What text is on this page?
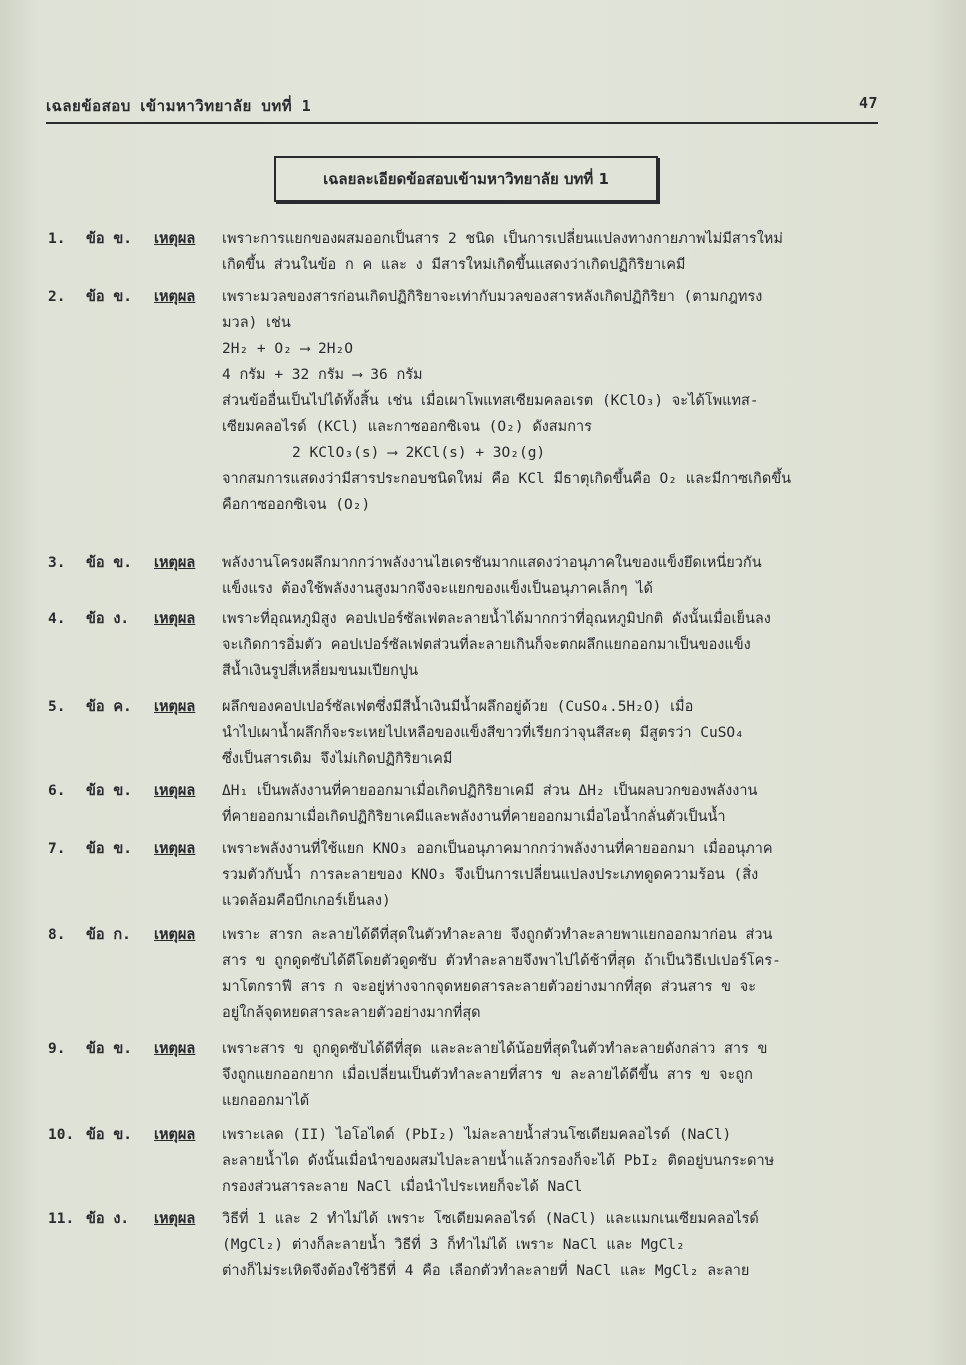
เฉลยข้อสอบ เข้ามหาวิทยาลัย บทที่ 1	47
เฉลยละเอียดข้อสอบเข้ามหาวิทยาลัย บทที่ 1
1.	ข้อ ข.	เหตุผล	เพราะการแยกของผสมออกเป็นสาร 2 ชนิด เป็นการเปลี่ยนแปลงทางกายภาพไม่มีสารใหม่
เกิดขึ้น ส่วนในข้อ ก ค และ ง มีสารใหม่เกิดขึ้นแสดงว่าเกิดปฏิกิริยาเคมี
2.	ข้อ ข.	เหตุผล	เพราะมวลของสารก่อนเกิดปฏิกิริยาจะเท่ากับมวลของสารหลังเกิดปฏิกิริยา (ตามกฎทรง
มวล) เช่น
2H₂ + O₂ ⟶ 2H₂O
4 กรัม + 32 กรัม ⟶ 36 กรัม
ส่วนข้ออื่นเป็นไปได้ทั้งสิ้น เช่น เมื่อเผาโพแทสเซียมคลอเรต (KClO₃) จะได้โพแทส-
เซียมคลอไรด์ (KCl) และกาซออกซิเจน (O₂) ดังสมการ
2 KClO₃(s) ⟶ 2KCl(s) + 3O₂(g)
จากสมการแสดงว่ามีสารประกอบชนิดใหม่ คือ KCl มีธาตุเกิดขึ้นคือ O₂ และมีกาซเกิดขึ้น
คือกาซออกซิเจน (O₂)
3.	ข้อ ข.	เหตุผล	พลังงานโครงผลึกมากกว่าพลังงานไฮเดรชันมากแสดงว่าอนุภาคในของแข็งยึดเหนี่ยวกัน
แข็งแรง ต้องใช้พลังงานสูงมากจึงจะแยกของแข็งเป็นอนุภาคเล็กๆ ได้
4.	ข้อ ง.	เหตุผล	เพราะที่อุณหภูมิสูง คอปเปอร์ซัลเฟตละลายน้ำได้มากกว่าที่อุณหภูมิปกติ ดังนั้นเมื่อเย็นลง
จะเกิดการอิ่มตัว คอปเปอร์ซัลเฟตส่วนที่ละลายเกินก็จะตกผลึกแยกออกมาเป็นของแข็ง
สีน้ำเงินรูปสี่เหลี่ยมขนมเปียกปูน
5.	ข้อ ค.	เหตุผล	ผลึกของคอปเปอร์ซัลเฟตซึ่งมีสีน้ำเงินมีน้ำผลึกอยู่ด้วย (CuSO₄.5H₂O) เมื่อ
นำไปเผาน้ำผลึกก็จะระเหยไปเหลือของแข็งสีขาวที่เรียกว่าจุนสีสะตุ มีสูตรว่า CuSO₄
ซึ่งเป็นสารเดิม จึงไม่เกิดปฏิกิริยาเคมี
6.	ข้อ ข.	เหตุผล	ΔH₁ เป็นพลังงานที่คายออกมาเมื่อเกิดปฏิกิริยาเคมี ส่วน ΔH₂ เป็นผลบวกของพลังงาน
ที่คายออกมาเมื่อเกิดปฏิกิริยาเคมีและพลังงานที่คายออกมาเมื่อไอน้ำกลั่นตัวเป็นน้ำ
7.	ข้อ ข.	เหตุผล	เพราะพลังงานที่ใช้แยก KNO₃ ออกเป็นอนุภาคมากกว่าพลังงานที่คายออกมา เมื่ออนุภาค
รวมตัวกับน้ำ การละลายของ KNO₃ จึงเป็นการเปลี่ยนแปลงประเภทดูดความร้อน (สิ่ง
แวดล้อมคือบีกเกอร์เย็นลง)
8.	ข้อ ก.	เหตุผล	เพราะ สารก ละลายได้ดีที่สุดในตัวทำละลาย จึงถูกตัวทำละลายพาแยกออกมาก่อน ส่วน
สาร ข ถูกดูดซับได้ดีโดยตัวดูดซับ ตัวทำละลายจึงพาไปได้ช้าที่สุด ถ้าเป็นวิธีเปเปอร์โคร-
มาโตกราฟี สาร ก จะอยู่ห่างจากจุดหยดสารละลายตัวอย่างมากที่สุด ส่วนสาร ข จะ
อยู่ใกล้จุดหยดสารละลายตัวอย่างมากที่สุด
9.	ข้อ ข.	เหตุผล	เพราะสาร ข ถูกดูดซับได้ดีที่สุด และละลายได้น้อยที่สุดในตัวทำละลายดังกล่าว สาร ข
จึงถูกแยกออกยาก เมื่อเปลี่ยนเป็นตัวทำละลายที่สาร ข ละลายได้ดีขึ้น สาร ข จะถูก
แยกออกมาได้
10. ข้อ ข.	เหตุผล	เพราะเลด (II) ไอโอไดด์ (PbI₂) ไม่ละลายน้ำส่วนโซเดียมคลอไรด์ (NaCl)
ละลายน้ำได ดังนั้นเมื่อนำของผสมไปละลายน้ำแล้วกรองก็จะได้ PbI₂ ติดอยู่บนกระดาษ
กรองส่วนสารละลาย NaCl เมื่อนำไประเหยก็จะได้ NaCl
11. ข้อ ง.	เหตุผล	วิธีที่ 1 และ 2 ทำไม่ได้ เพราะ โซเดียมคลอไรด์ (NaCl) และแมกเนเซียมคลอไรด์
(MgCl₂) ต่างก็ละลายน้ำ วิธีที่ 3 ก็ทำไม่ได้ เพราะ NaCl และ MgCl₂
ต่างก็ไม่ระเหิดจึงต้องใช้วิธีที่ 4 คือ เลือกตัวทำละลายที่ NaCl และ MgCl₂ ละลาย
